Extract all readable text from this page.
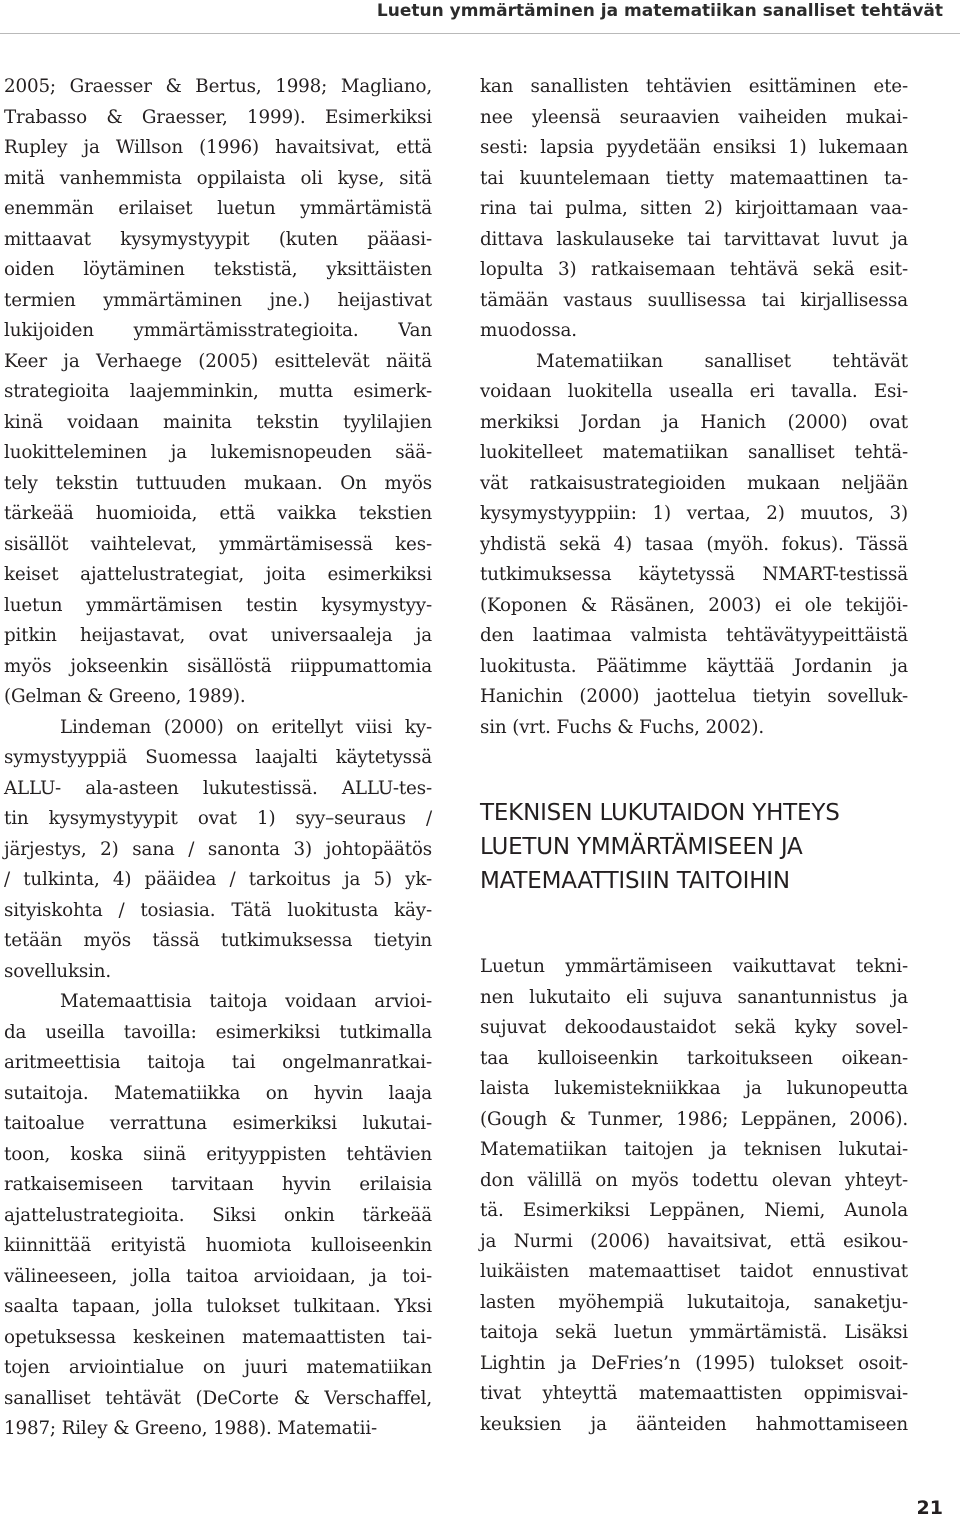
Luetun ymmärtäminen ja matematiikan sanalliset tehtävät
2005; Graesser & Bertus, 1998; Magliano,
Trabasso & Graesser, 1999). Esimerkiksi
Rupley ja Willson (1996) havaitsivat, että
mitä vanhemmista oppilaista oli kyse, sitä
enemmän erilaiset luetun ymmärtämistä
mittaavat kysymystyypit (kuten pääasi-
oiden löytäminen tekstistä, yksittäisten
termien ymmärtäminen jne.) heijastivat
lukijoiden ymmärtämisstrategioita. Van
Keer ja Verhaege (2005) esittelevät näitä
strategioita laajemminkin, mutta esimerk-
kinä voidaan mainita tekstin tyylilajien
luokitteleminen ja lukemisnopeuden sää-
tely tekstin tuttuuden mukaan. On myös
tärkeää huomioida, että vaikka tekstien
sisällöt vaihtelevat, ymmärtämisessä kes-
keiset ajattelustrategiat, joita esimerkiksi
luetun ymmärtämisen testin kysymystyy-
pitkin heijastavat, ovat universaaleja ja
myös jokseenkin sisällöstä riippumattomia
(Gelman & Greeno, 1989).
Lindeman (2000) on eritellyt viisi ky-
symystyyppiä Suomessa laajalti käytetyssä
ALLU- ala-asteen lukutestissä. ALLU-tes-
tin kysymystyypit ovat 1) syy–seuraus /
järjestys, 2) sana / sanonta 3) johtopäätös
/ tulkinta, 4) pääidea / tarkoitus ja 5) yk-
sityiskohta / tosiasia. Tätä luokitusta käy-
tetään myös tässä tutkimuksessa tietyin
sovelluksin.
Matemaattisia taitoja voidaan arvioi-
da useilla tavoilla: esimerkiksi tutkimalla
aritmeettisia taitoja tai ongelmanratkai-
sutaitoja. Matematiikka on hyvin laaja
taitoalue verrattuna esimerkiksi lukutai-
toon, koska siinä erityyppisten tehtävien
ratkaisemiseen tarvitaan hyvin erilaisia
ajattelustrategioita. Siksi onkin tärkeää
kiinnittää erityistä huomiota kulloiseenkin
välineeseen, jolla taitoa arvioidaan, ja toi-
saalta tapaan, jolla tulokset tulkitaan. Yksi
opetuksessa keskeinen matemaattisten tai-
tojen arviointialue on juuri matematiikan
sanalliset tehtävät (DeCorte & Verschaffel,
1987; Riley & Greeno, 1988). Matematii-
kan sanallisten tehtävien esittäminen ete-
nee yleensä seuraavien vaiheiden mukai-
sesti: lapsia pyydetään ensiksi 1) lukemaan
tai kuuntelemaan tietty matemaattinen ta-
rina tai pulma, sitten 2) kirjoittamaan vaa-
dittava laskulauseke tai tarvittavat luvut ja
lopulta 3) ratkaisemaan tehtävä sekä esit-
tämään vastaus suullisessa tai kirjallisessa
muodossa.
Matematiikan sanalliset tehtävät
voidaan luokitella usealla eri tavalla. Esi-
merkiksi Jordan ja Hanich (2000) ovat
luokitelleet matematiikan sanalliset tehtä-
vät ratkaisustrategioiden mukaan neljään
kysymystyyppiin: 1) vertaa, 2) muutos, 3)
yhdistä sekä 4) tasaa (myöh. fokus). Tässä
tutkimuksessa käytetyssä NMART-testissä
(Koponen & Räsänen, 2003) ei ole tekijöi-
den laatimaa valmista tehtävätyypeittäistä
luokitusta. Päätimme käyttää Jordanin ja
Hanichin (2000) jaottelua tietyin sovelluk-
sin (vrt. Fuchs & Fuchs, 2002).
TEKNISEN LUKUTAIDON YHTEYS
LUETUN YMMÄRTÄMISEEN JA
MATEMAATTISIIN TAITOIHIN
Luetun ymmärtämiseen vaikuttavat tekni-
nen lukutaito eli sujuva sanantunnistus ja
sujuvat dekoodaustaidot sekä kyky sovel-
taa kulloiseenkin tarkoitukseen oikean-
laista lukemistekniikkaa ja lukunopeutta
(Gough & Tunmer, 1986; Leppänen, 2006).
Matematiikan taitojen ja teknisen lukutai-
don välillä on myös todettu olevan yhteyt-
tä. Esimerkiksi Leppänen, Niemi, Aunola
ja Nurmi (2006) havaitsivat, että esikou-
luikäisten matemaattiset taidot ennustivat
lasten myöhempiä lukutaitoja, sanaketju-
taitoja sekä luetun ymmärtämistä. Lisäksi
Lightin ja DeFries’n (1995) tulokset osoit-
tivat yhteyttä matemaattisten oppimisvai-
keuksien ja äänteiden hahmottamiseen
21
